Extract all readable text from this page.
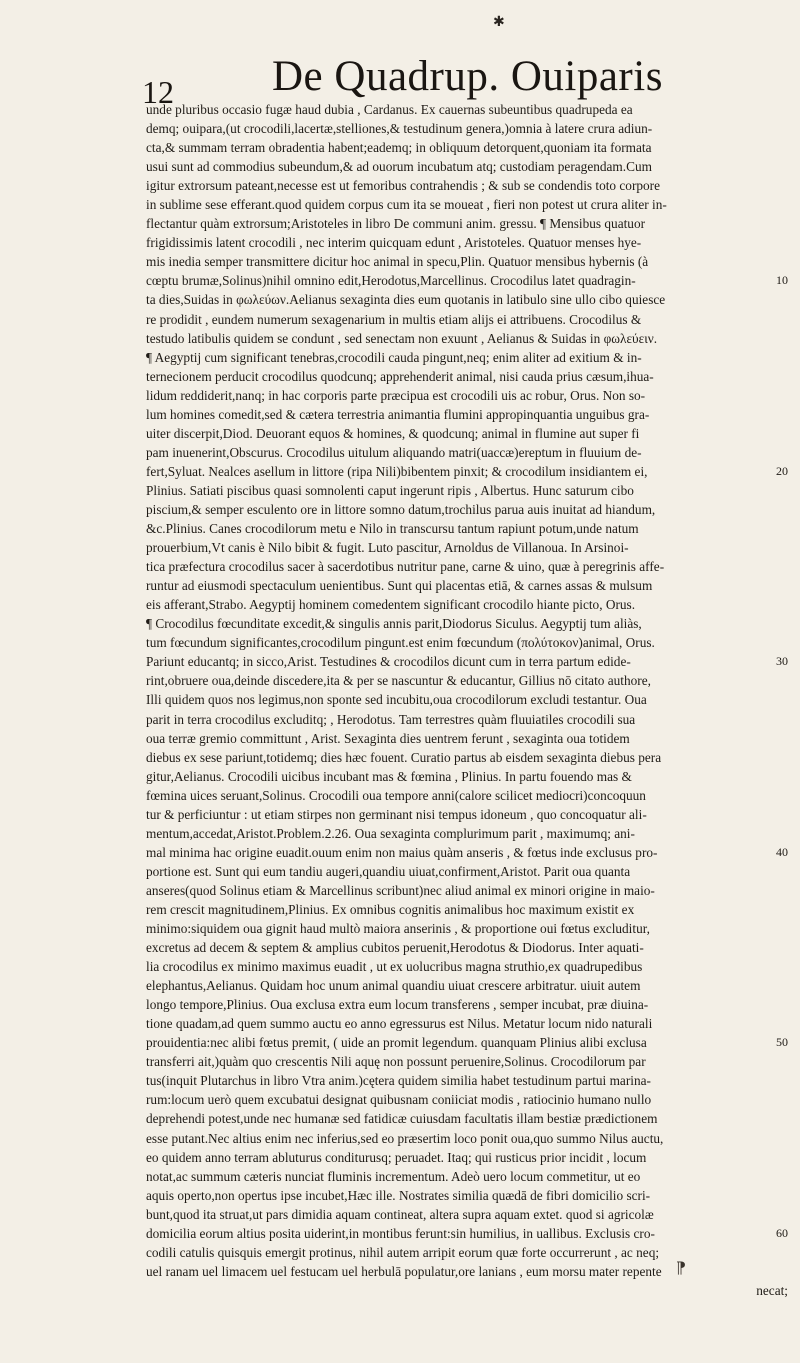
✱
12 De Quadrup. Ouiparis
unde pluribus occasio fugæ haud dubia , Cardanus. Ex cauernas subeuntibus quadrupeda ea
demq; ouipara,(ut crocodili,lacertæ,stelliones,& testudinum genera,)omnia à latere crura adiun-
cta,& summam terram obradentia habent;eademq; in obliquum detorquent,quoniam ita formata
usui sunt ad commodius subeundum,& ad ouorum incubatum atq; custodiam peragendam.Cum
igitur extrorsum pateant,necesse est ut femoribus contrahendis ; & sub se condendis toto corpore
in sublime sese efferant.quod quidem corpus cum ita se moueat , fieri non potest ut crura aliter in-
flectantur quàm extrorsum;Aristoteles in libro De communi anim. gressu. ¶ Mensibus quatuor
frigidissimis latent crocodili , nec interim quicquam edunt , Aristoteles. Quatuor menses hye-
mis inedia semper transmittere dicitur hoc animal in specu,Plin. Quatuor mensibus hybernis (à
cœptu brumæ,Solinus)nihil omnino edit,Herodotus,Marcellinus. Crocodilus latet quadragin-
ta dies,Suidas in φωλεύων.Aelianus sexaginta dies eum quotanis in latibulo sine ullo cibo quiesce
re prodidit , eundem numerum sexagenarium in multis etiam alijs ei attribuens. Crocodilus &
testudo latibulis quidem se condunt , sed senectam non exuunt , Aelianus & Suidas in φωλεύειν.
¶ Aegyptij cum significant tenebras,crocodili cauda pingunt,neq; enim aliter ad exitium & in-
ternecionem perducit crocodilus quodcunq; apprehenderit animal, nisi cauda prius cæsum,ihua-
lidum reddiderit,nanq; in hac corporis parte præcipua est crocodili uis ac robur, Orus. Non so-
lum homines comedit,sed & cætera terrestria animantia flumini appropinquantia unguibus gra-
uiter discerpit,Diod. Deuorant equos & homines, & quodcunq; animal in flumine aut super fi
pam inuenerint,Obscurus. Crocodilus uitulum aliquando matri(uaccæ)ereptum in fluuium de-
fert,Syluat. Nealces asellum in littore (ripa Nili)bibentem pinxit; & crocodilum insidiantem ei,
Plinius. Satiati piscibus quasi somnolenti caput ingerunt ripis , Albertus. Hunc saturum cibo
piscium,& semper esculento ore in littore somno datum,trochilus parua auis inuitat ad hiandum,
&c.Plinius. Canes crocodilorum metu e Nilo in transcursu tantum rapiunt potum,unde natum
prouerbium,Vt canis è Nilo bibit & fugit. Luto pascitur, Arnoldus de Villanoua. In Arsinoi-
tica præfectura crocodilus sacer à sacerdotibus nutritur pane, carne & uino, quæ à peregrinis affe-
runtur ad eiusmodi spectaculum uenientibus. Sunt qui placentas etiā, & carnes assas & mulsum
eis afferant,Strabo. Aegyptij hominem comedentem significant crocodilo hiante picto, Orus.
¶ Crocodilus fœcunditate excedit,& singulis annis parit,Diodorus Siculus. Aegyptij tum aliàs,
tum fœcundum significantes,crocodilum pingunt.est enim fœcundum (πολύτοκον)animal, Orus.
Pariunt educantq; in sicco,Arist. Testudines & crocodilos dicunt cum in terra partum edide-
rint,obruere oua,deinde discedere,ita & per se nascuntur & educantur, Gillius nō citato authore,
Illi quidem quos nos legimus,non sponte sed incubitu,oua crocodilorum excludi testantur. Oua
parit in terra crocodilus excluditq; , Herodotus. Tam terrestres quàm fluuiatiles crocodili sua
oua terræ gremio committunt , Arist. Sexaginta dies uentrem ferunt , sexaginta oua totidem
diebus ex sese pariunt,totidemq; dies hæc fouent. Curatio partus ab eisdem sexaginta diebus pera
gitur,Aelianus. Crocodili uicibus incubant mas & fœmina , Plinius. In partu fouendo mas &
fœmina uices seruant,Solinus. Crocodili oua tempore anni(calore scilicet mediocri)concoquun
tur & perficiuntur : ut etiam stirpes non germinant nisi tempus idoneum , quo concoquatur ali-
mentum,accedat,Aristot.Problem.2.26. Oua sexaginta complurimum parit , maximumq; ani-
mal minima hac origine euadit.ouum enim non maius quàm anseris , & fœtus inde exclusus pro-
portione est. Sunt qui eum tandiu augeri,quandiu uiuat,confirment,Aristot. Parit oua quanta
anseres(quod Solinus etiam & Marcellinus scribunt)nec aliud animal ex minori origine in maio-
rem crescit magnitudinem,Plinius. Ex omnibus cognitis animalibus hoc maximum existit ex
minimo:siquidem oua gignit haud multò maiora anserinis , & proportione oui fœtus excluditur,
excretus ad decem & septem & amplius cubitos peruenit,Herodotus & Diodorus. Inter aquati-
lia crocodilus ex minimo maximus euadit , ut ex uolucribus magna struthio,ex quadrupedibus
elephantus,Aelianus. Quidam hoc unum animal quandiu uiuat crescere arbitratur. uiuit autem
longo tempore,Plinius. Oua exclusa extra eum locum transferens , semper incubat, præ diuina-
tione quadam,ad quem summo auctu eo anno egressurus est Nilus. Metatur locum nido naturali
prouidentia:nec alibi fœtus premit, ( uide an promit legendum. quanquam Plinius alibi exclusa
transferri ait,)quàm quo crescentis Nili aquę non possunt peruenire,Solinus. Crocodilorum par
tus(inquit Plutarchus in libro Vtra anim.)cętera quidem similia habet testudinum partui marina-
rum:locum uerò quem excubatui designat quibusnam coniiciat modis , ratiocinio humano nullo
deprehendi potest,unde nec humanæ sed fatidicæ cuiusdam facultatis illam bestiæ prædictionem
esse putant.Nec altius enim nec inferius,sed eo præsertim loco ponit oua,quo summo Nilus auctu,
eo quidem anno terram abluturus conditurusq; peruadet. Itaq; qui rusticus prior incidit , locum
notat,ac summum cæteris nunciat fluminis incrementum. Adeò uero locum commetitur, ut eo
aquis operto,non opertus ipse incubet,Hæc ille. Nostrates similia quædā de fibri domicilio scri-
bunt,quod ita struat,ut pars dimidia aquam contineat, altera supra aquam extet. quod si agricolæ
domicilia eorum altius posita uiderint,in montibus ferunt:sin humilius, in uallibus. Exclusis cro-
codili catulis quisquis emergit protinus, nihil autem arripit eorum quæ forte occurrerunt , ac neq;
uel ranam uel limacem uel festucam uel herbulā populatur,ore lanians , eum morsu mater repente
necat;
10
20
30
40
50
60
⁋
